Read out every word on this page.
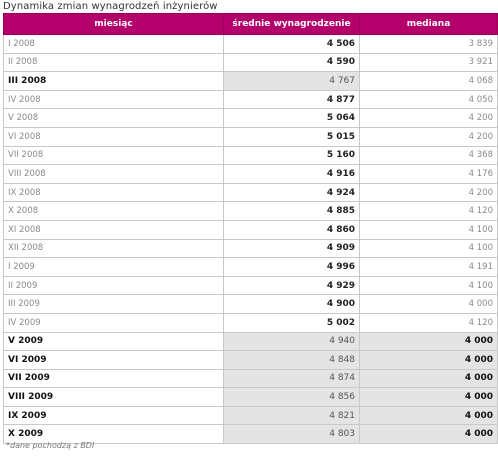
Dynamika zmian wynagrodzeń inżynierów
miesiąc	średnie wynagrodzenie	mediana
I 2008	4 506	3 839
II 2008	4 590	3 921
III 2008	4 767	4 068
IV 2008	4 877	4 050
V 2008	5 064	4 200
VI 2008	5 015	4 200
VII 2008	5 160	4 368
VIII 2008	4 916	4 176
IX 2008	4 924	4 200
X 2008	4 885	4 120
XI 2008	4 860	4 100
XII 2008	4 909	4 100
I 2009	4 996	4 191
II 2009	4 929	4 100
III 2009	4 900	4 000
IV 2009	5 002	4 120
V 2009	4 940	4 000
VI 2009	4 848	4 000
VII 2009	4 874	4 000
VIII 2009	4 856	4 000
IX 2009	4 821	4 000
X 2009	4 803	4 000
*dane pochodzą z BDI
